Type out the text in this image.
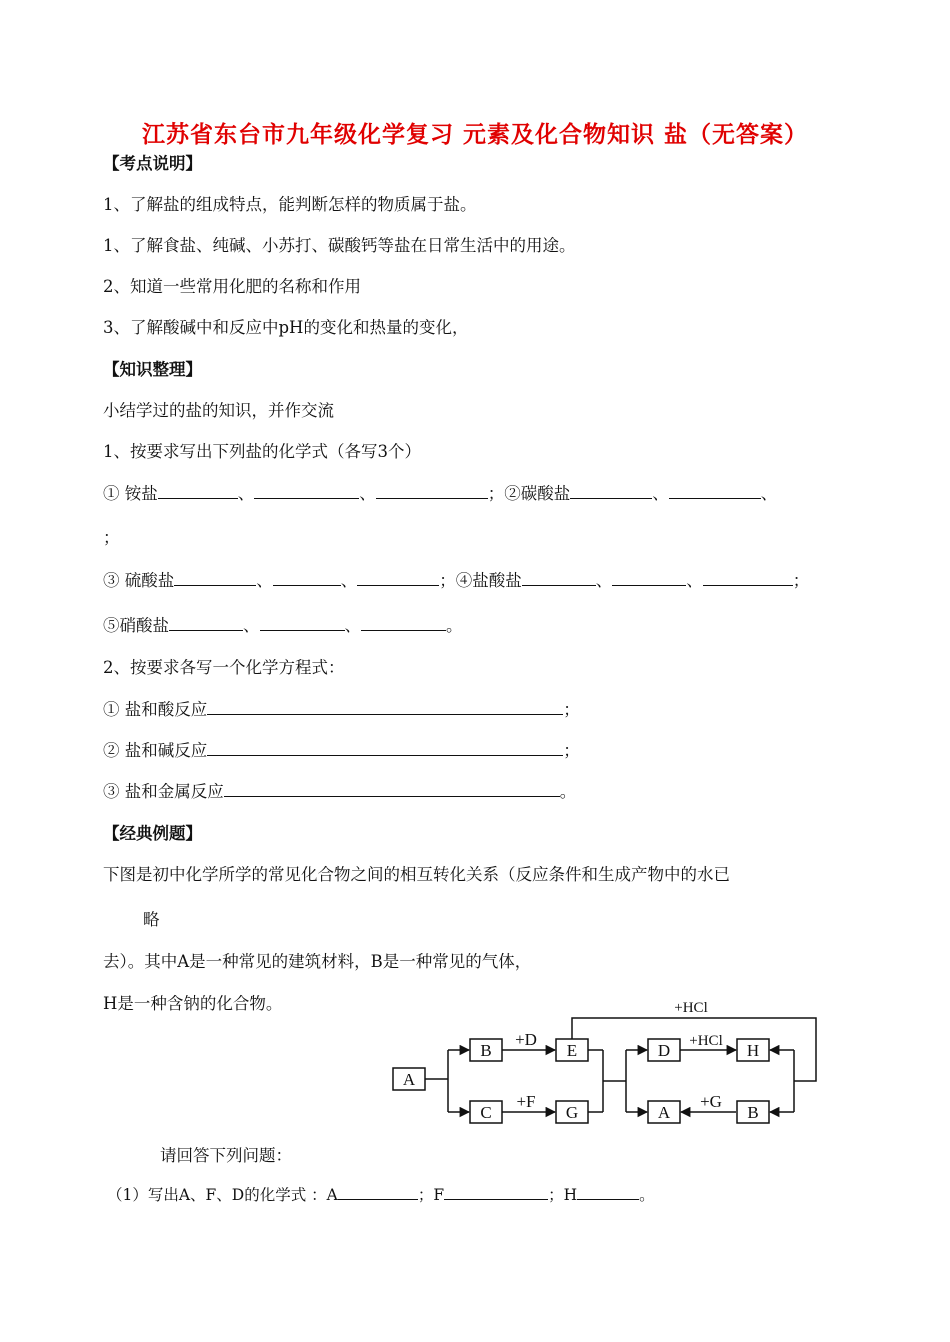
江苏省东台市九年级化学复习 元素及化合物知识 盐（无答案）
【考点说明】
1、了解盐的组成特点，能判断怎样的物质属于盐。
1、了解食盐、纯碱、小苏打、碳酸钙等盐在日常生活中的用途。
2、知道一些常用化肥的名称和作用
3、了解酸碱中和反应中pH的变化和热量的变化，
【知识整理】
小结学过的盐的知识，并作交流
1、按要求写出下列盐的化学式（各写3个）
① 铵盐	、	、	；②碳酸盐	、	、
；
③ 硫酸盐	、	、	；④盐酸盐	、	、	；
⑤硝酸盐	、	、	。
2、按要求各写一个化学方程式：
① 盐和酸反应	；
② 盐和碱反应	；
③ 盐和金属反应	。
【经典例题】
下图是初中化学所学的常见化合物之间的相互转化关系（反应条件和生成产物中的水已
略
去）。其中A是一种常见的建筑材料，B是一种常见的气体，
H是一种含钠的化合物。
A
B	E
C	G
D	H
A	B
+D
+F
+HCl
+G
+HCl
请回答下列问题：
（1）写出A、F、D的化学式 ：A	；F	；H	。
